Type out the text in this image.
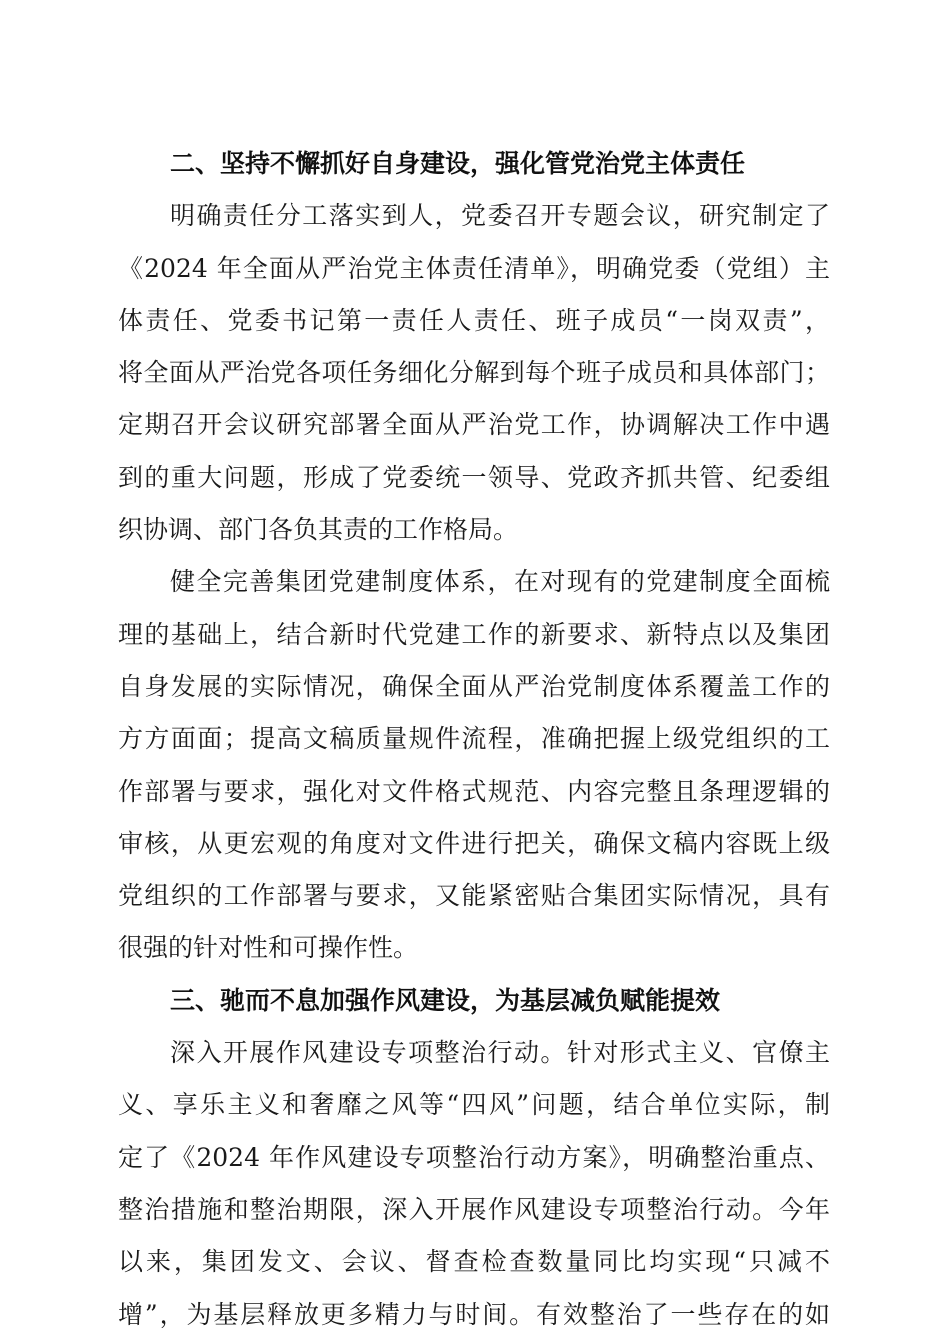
二、坚持不懈抓好自身建设，强化管党治党主体责任
明确责任分工落实到人，党委召开专题会议，研究制定了
《2024 年全面从严治党主体责任清单》，明确党委（党组）主
体责任、党委书记第一责任人责任、班子成员“一岗双责”，
将全面从严治党各项任务细化分解到每个班子成员和具体部门；
定期召开会议研究部署全面从严治党工作，协调解决工作中遇
到的重大问题，形成了党委统一领导、党政齐抓共管、纪委组
织协调、部门各负其责的工作格局。
健全完善集团党建制度体系，在对现有的党建制度全面梳
理的基础上，结合新时代党建工作的新要求、新特点以及集团
自身发展的实际情况，确保全面从严治党制度体系覆盖工作的
方方面面；提高文稿质量规件流程，准确把握上级党组织的工
作部署与要求，强化对文件格式规范、内容完整且条理逻辑的
审核，从更宏观的角度对文件进行把关，确保文稿内容既上级
党组织的工作部署与要求，又能紧密贴合集团实际情况，具有
很强的针对性和可操作性。
三、驰而不息加强作风建设，为基层减负赋能提效
深入开展作风建设专项整治行动。针对形式主义、官僚主
义、享乐主义和奢靡之风等“四风”问题，结合单位实际，制
定了《2024 年作风建设专项整治行动方案》，明确整治重点、
整治措施和整治期限，深入开展作风建设专项整治行动。今年
以来，集团发文、会议、督查检查数量同比均实现“只减不
增”，为基层释放更多精力与时间。有效整治了一些存在的如
